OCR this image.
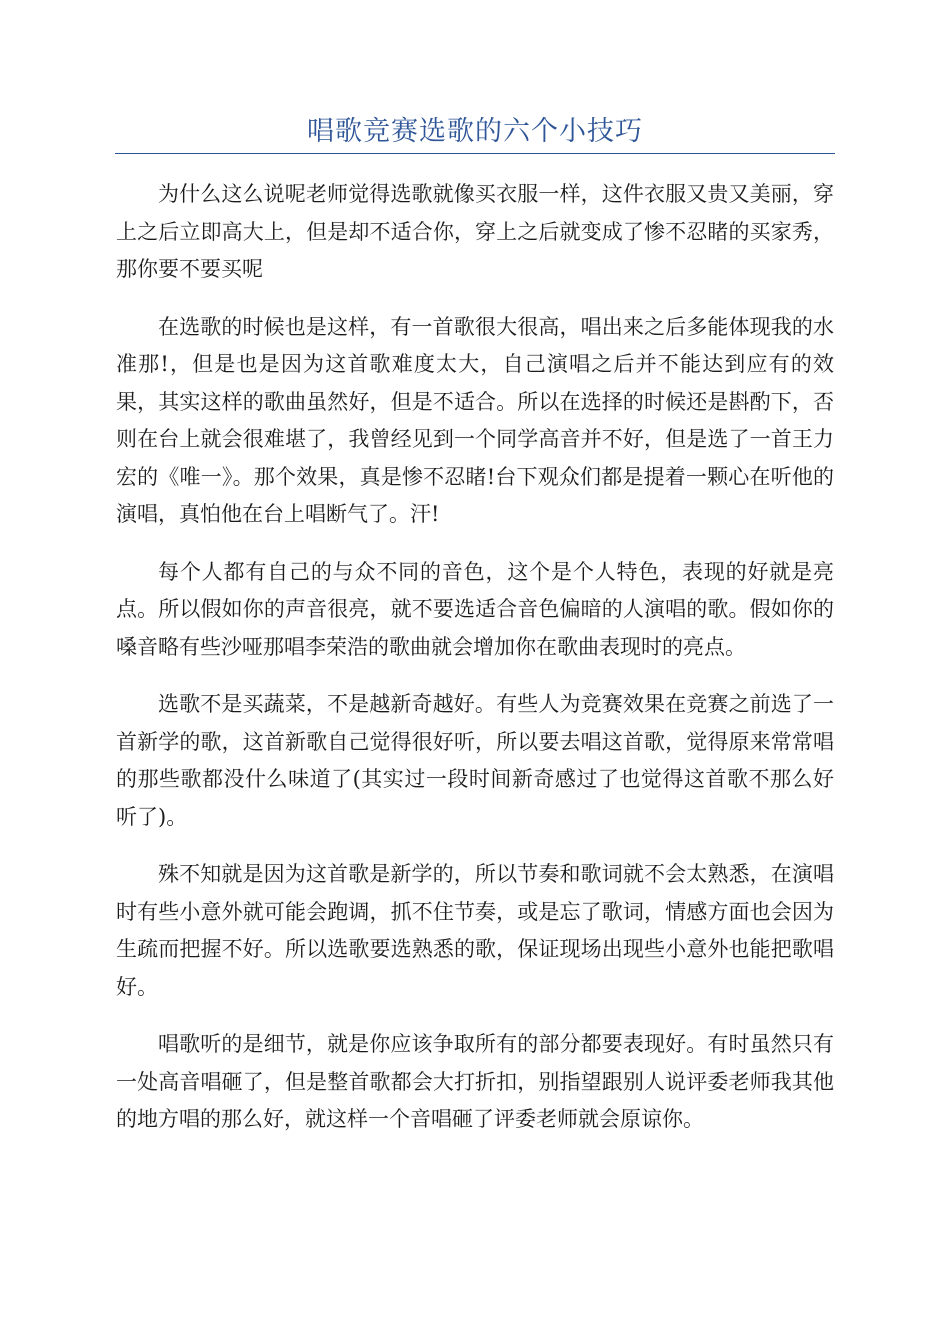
唱歌竞赛选歌的六个小技巧

为什么这么说呢老师觉得选歌就像买衣服一样，这件衣服又贵又美丽，穿上之后立即高大上，但是却不适合你，穿上之后就变成了惨不忍睹的买家秀，那你要不要买呢

在选歌的时候也是这样，有一首歌很大很高，唱出来之后多能体现我的水准那!，但是也是因为这首歌难度太大，自己演唱之后并不能达到应有的效果，其实这样的歌曲虽然好，但是不适合。所以在选择的时候还是斟酌下，否则在台上就会很难堪了，我曾经见到一个同学高音并不好，但是选了一首王力宏的《唯一》。那个效果，真是惨不忍睹!台下观众们都是提着一颗心在听他的演唱，真怕他在台上唱断气了。汗!

每个人都有自己的与众不同的音色，这个是个人特色，表现的好就是亮点。所以假如你的声音很亮，就不要选适合音色偏暗的人演唱的歌。假如你的嗓音略有些沙哑那唱李荣浩的歌曲就会增加你在歌曲表现时的亮点。

选歌不是买蔬菜，不是越新奇越好。有些人为竞赛效果在竞赛之前选了一首新学的歌，这首新歌自己觉得很好听，所以要去唱这首歌，觉得原来常常唱的那些歌都没什么味道了(其实过一段时间新奇感过了也觉得这首歌不那么好听了)。

殊不知就是因为这首歌是新学的，所以节奏和歌词就不会太熟悉，在演唱时有些小意外就可能会跑调，抓不住节奏，或是忘了歌词，情感方面也会因为生疏而把握不好。所以选歌要选熟悉的歌，保证现场出现些小意外也能把歌唱好。

唱歌听的是细节，就是你应该争取所有的部分都要表现好。有时虽然只有一处高音唱砸了，但是整首歌都会大打折扣，别指望跟别人说评委老师我其他的地方唱的那么好，就这样一个音唱砸了评委老师就会原谅你。
